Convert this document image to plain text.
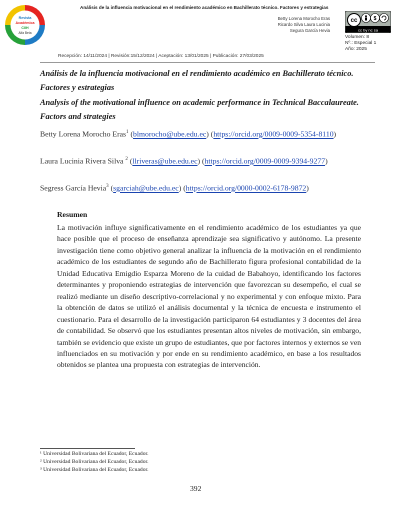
Revista
Académica
CIIH
Alfa Beta
Análisis de la influencia motivacional en el rendimiento académico en Bachillerato técnico. Factores y estrategias
Betty Lorena Morocho Eras
Ricardo Silva Laura Lucinia
Segura García Hevia
cc	$
cc by nc sa
Volumen: 8
Nº.: Especial 1
Año: 2025
Recepción: 14/11/2024 | Revisión:15/12/2024 | Aceptación: 13/01/2025 | Publicación: 27/03/2025
Análisis de la influencia motivacional en el rendimiento académico en Bachillerato técnico. Factores y estrategias
Analysis of the motivational influence on academic performance in Technical Baccalaureate. Factors and strategies
Betty Lorena Morocho Eras$^1$ (blmorocho@ube.edu.ec) (https://orcid.org/0009-0009-5354-8110)
Laura Lucinia Rivera Silva $^2$ (llriveras@ube.edu.ec) (https://orcid.org/0009-0009-9394-9277)
Segress García Hevia$^3$ (sgarciah@ube.edu.ec) (https://orcid.org/0000-0002-6178-9872)
Resumen
La motivación influye significativamente en el rendimiento académico de los estudiantes ya que hace posible que el proceso de enseñanza aprendizaje sea significativo y autónomo. La presente investigación tiene como objetivo general analizar la influencia de la motivación en el rendimiento académico de los estudiantes de segundo año de Bachillerato figura profesional contabilidad de la Unidad Educativa Emigdio Esparza Moreno de la cuidad de Babahoyo, identificando los factores determinantes y proponiendo estrategias de intervención que favorezcan su desempeño, el cual se realizó mediante un diseño descriptivo-correlacional y no experimental y con enfoque mixto. Para la obtención de datos se utilizó el análisis documental y la técnica de encuesta e instrumento el cuestionario. Para el desarrollo de la investigación participaron 64 estudiantes y 3 docentes del área de contabilidad. Se observó que los estudiantes presentan altos niveles de motivación, sin embargo, también se evidencio que existe un grupo de estudiantes, que por factores internos y externos se ven influenciados en su motivación y por ende en su rendimiento académico, en base a los resultados obtenidos se plantea una propuesta con estrategias de intervención.
¹ Universidad Bolivariana del Ecuador, Ecuador.
² Universidad Bolivariana del Ecuador, Ecuador.
³ Universidad Bolivariana del Ecuador, Ecuador.
392
